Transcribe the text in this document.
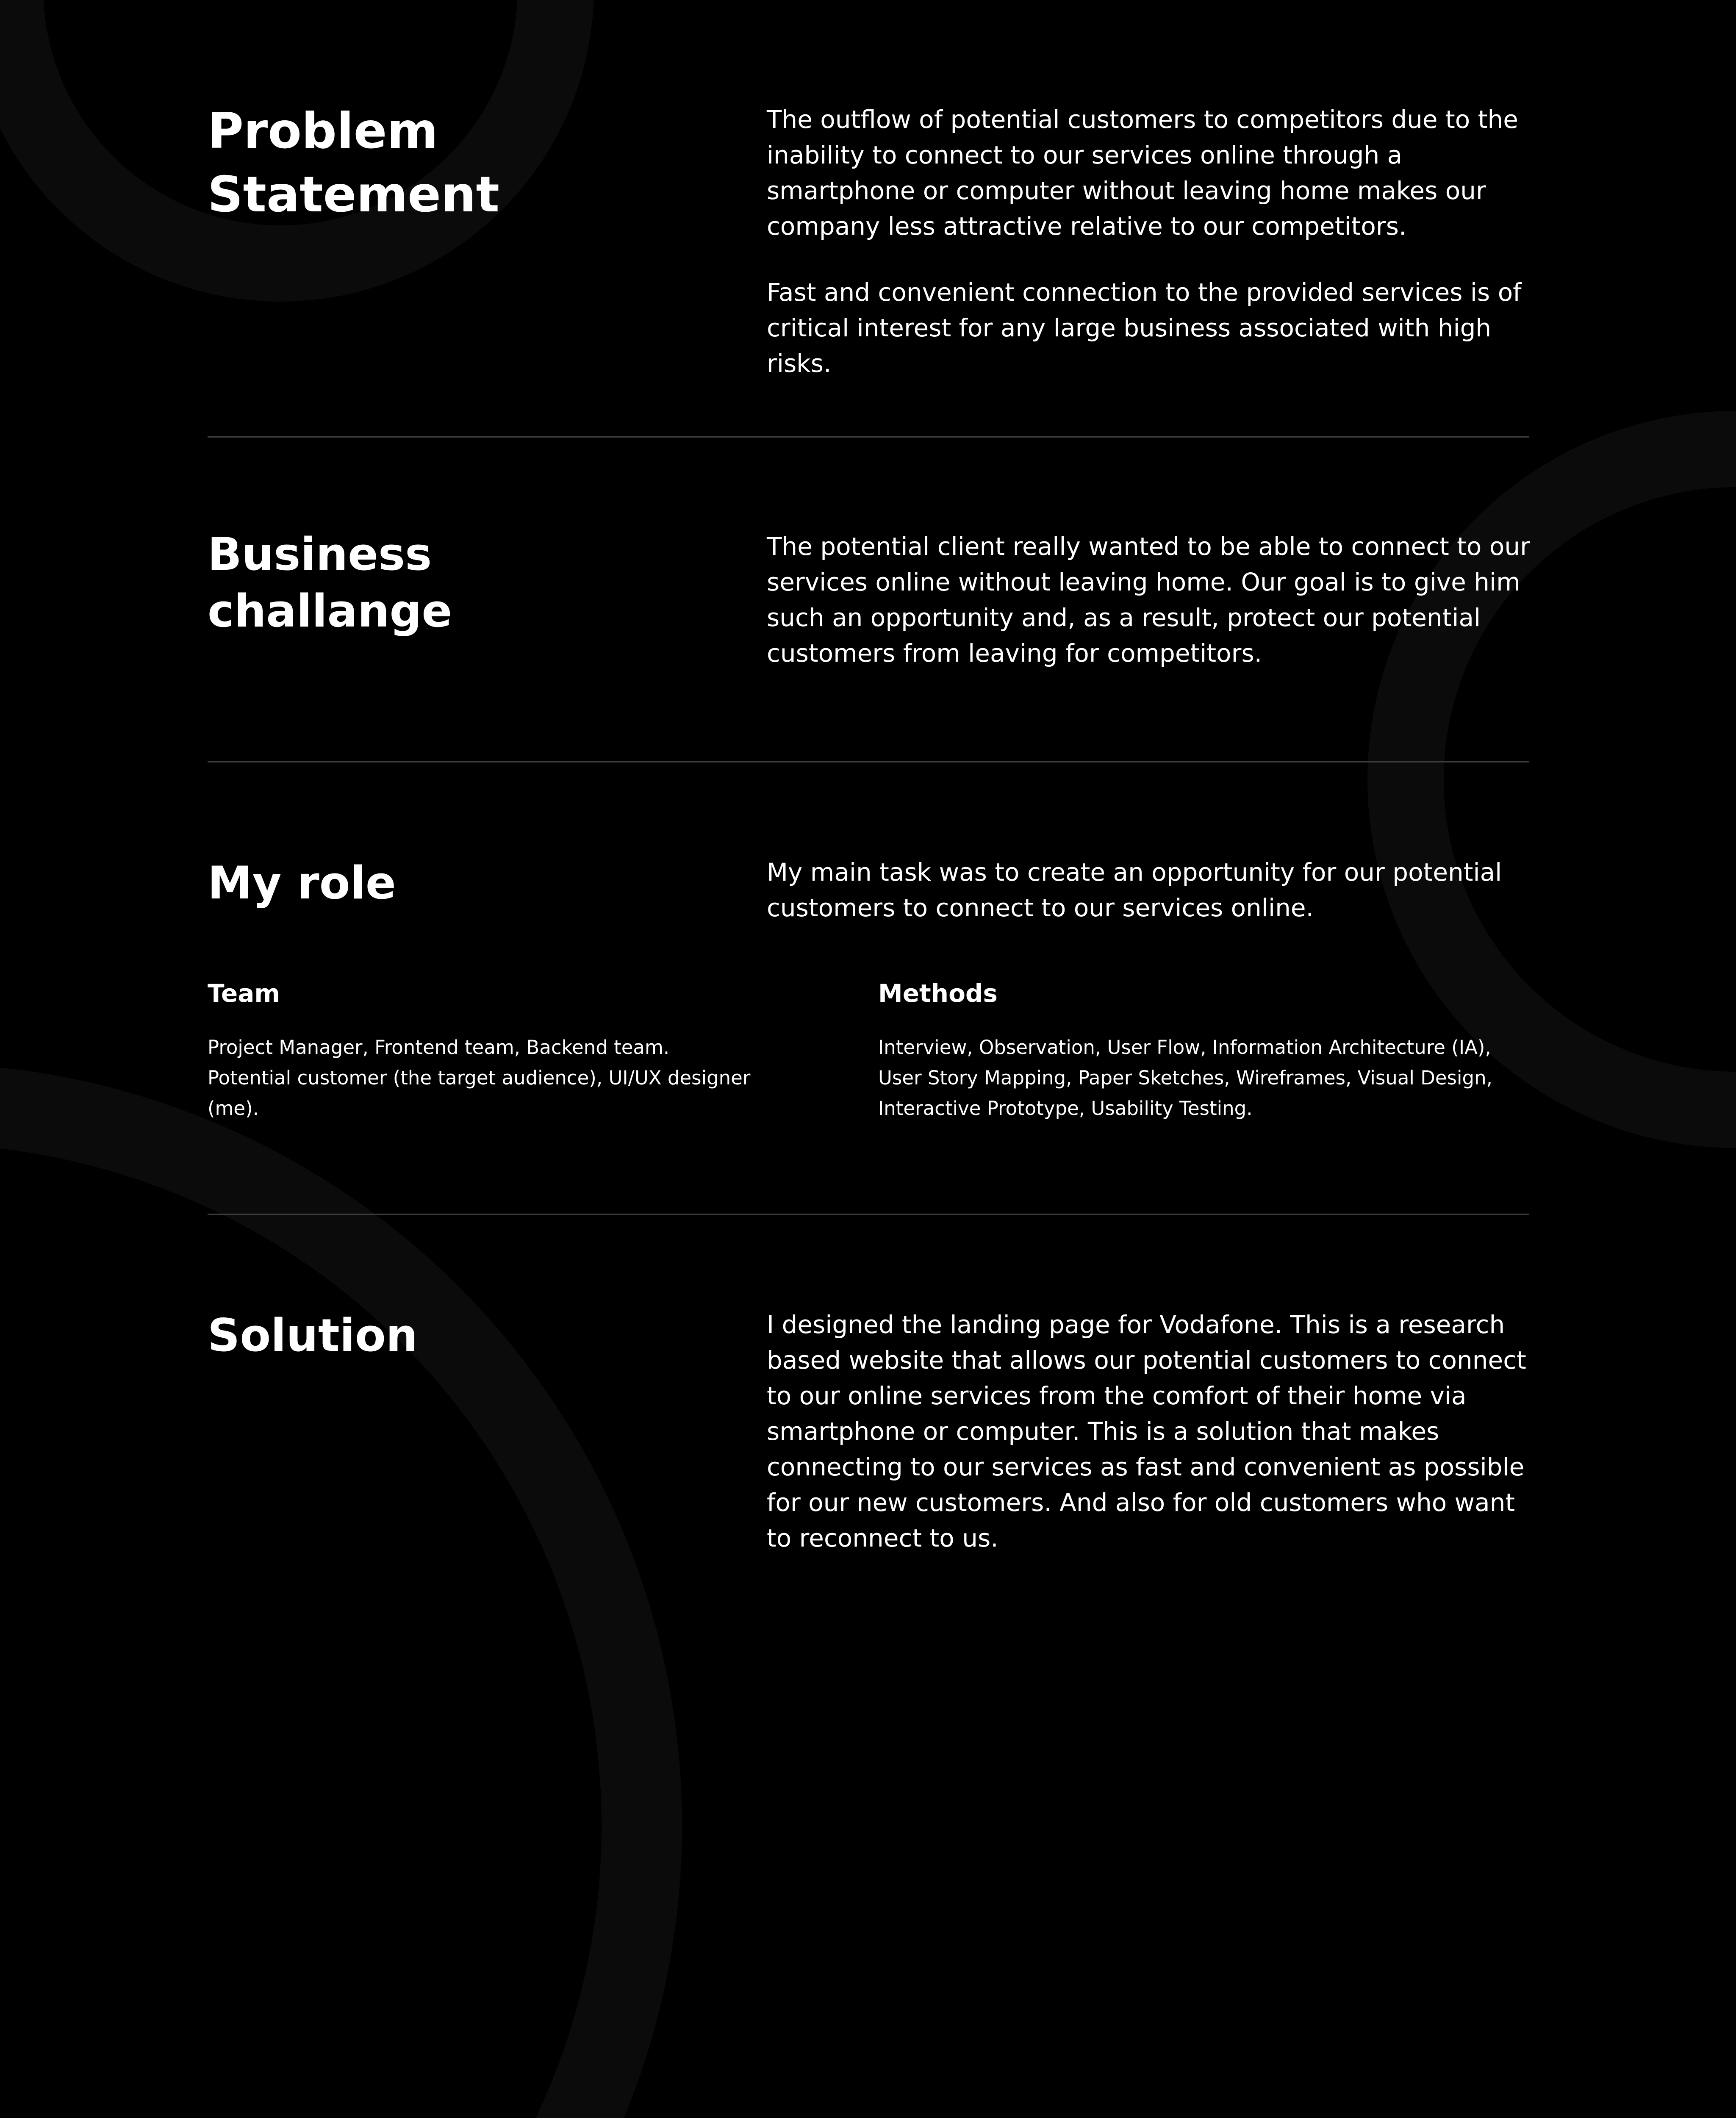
Problem
Statement

The outflow of potential customers to competitors due to the inability to connect to our services online through a smartphone or computer without leaving home makes our company less attractive relative to our competitors.

Fast and convenient connection to the provided services is of critical interest for any large business associated with high risks.

Business
challange

The potential client really wanted to be able to connect to our services online without leaving home. Our goal is to give him such an opportunity and, as a result, protect our potential customers from leaving for competitors.

My role	My main task was to create an opportunity for our potential customers to connect to our services online.

Team

Project Manager, Frontend team, Backend team. Potential customer (the target audience), UI/UX designer (me).

Methods

Interview, Observation, User Flow, Information Architecture (IA), User Story Mapping, Paper Sketches, Wireframes, Visual Design, Interactive Prototype, Usability Testing.

Solution	I designed the landing page for Vodafone. This is a research based website that allows our potential customers to connect to our online services from the comfort of their home via smartphone or computer. This is a solution that makes connecting to our services as fast and convenient as possible for our new customers. And also for old customers who want to reconnect to us.
